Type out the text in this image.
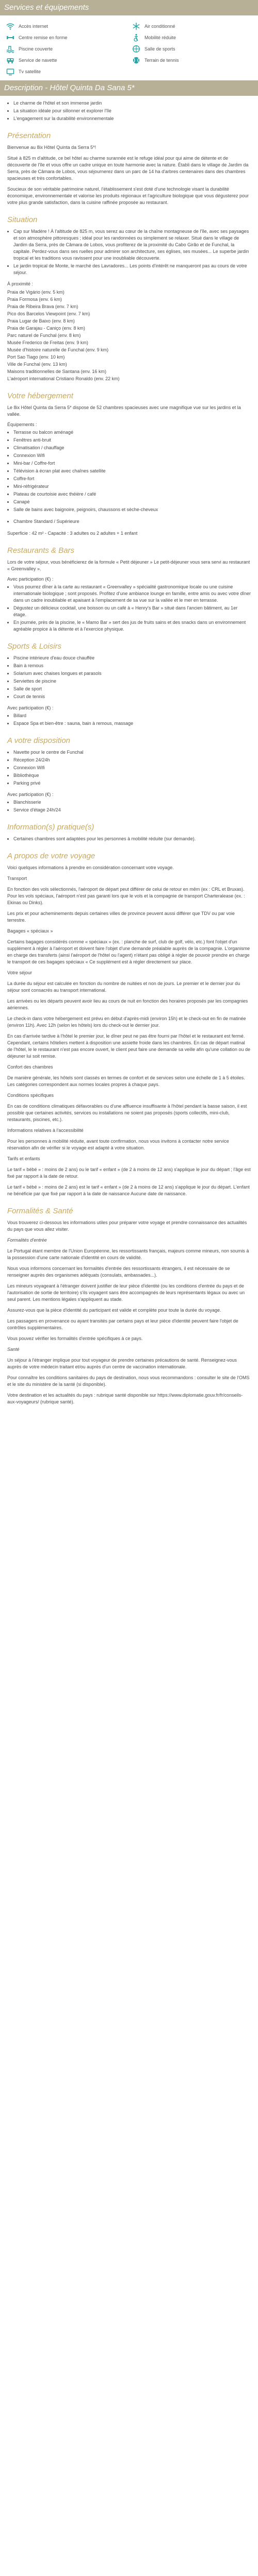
Services et équipements
Accès internet	Air conditionné
Centre remise en forme	Mobilité réduite
Piscine couverte	Salle de sports
Service de navette	Terrain de tennis
Tv satellite
Description - Hôtel Quinta Da Sana 5*
• Le charme de l'hôtel et son immense jardin
• La situation idéale pour sillonner et explorer l'île
• L'engagement sur la durabilité environnementale
Présentation

Bienvenue au 8ix Hôtel Quinta da Serra 5*!

Situé à 825 m d'altitude, ce bel hôtel au charme surannée est le refuge idéal pour qui aime de détente et de découverte de l'île et vous offre un cadre unique en toute harmonie avec la nature. Établi dans le village de Jardim da Serra, près de Câmara de Lobos, vous séjournerez dans un parc de 14 ha d'arbres centenaires dans des chambres spacieuses et très confortables.

Soucieux de son véritable patrimoine naturel, l'établissement s'est doté d'une technologie visant la durabilité économique, environnementale et valorise les produits régionaux et l'agriculture biologique que vous dégusterez pour votre plus grande satisfaction, dans la cuisine raffinée proposée au restaurant.

Situation
• Cap sur Madère ! À l'altitude de 825 m, vous serez au cœur de la chaîne montagneuse de l'île, avec ses paysages et son atmosphère pittoresques ; idéal pour les randonnées ou simplement se relaxer. Situé dans le village de Jardim da Serra, près de Câmara de Lobos, vous profiterez de la proximité du Cabo Girão et de Funchal, la capitale. Perdez-vous dans ses ruelles pour admirer son architecture, ses églises, ses musées... Le superbe jardin tropical et les traditions vous ravissent pour une inoubliable découverte.
• Le jardin tropical de Monte, le marché des Lavradores... Les points d'intérêt ne manqueront pas au cours de votre séjour.
À proximité :
Praia de Vigário (env. 5 km)
Praia Formosa (env. 6 km)
Praia de Ribeira Brava (env. 7 km)
Pico dos Barcelos Viewpoint (env. 7 km)
Praia Lugar de Baixo (env. 8 km)
Praia de Garajau - Caniço (env. 8 km)
Parc naturel de Funchal (env. 8 km)
Musée Frederico de Freitas (env. 9 km)
Musée d'histoire naturelle de Funchal (env. 9 km)
Port Sao Tiago (env. 10 km)
Ville de Funchal (env. 13 km)
Maisons traditionnelles de Santana (env. 16 km)
L'aéroport international Cristiano Ronaldo (env. 22 km)
Votre hébergement

Le 8ix Hôtel Quinta da Serra 5* dispose de 52 chambres spacieuses avec une magnifique vue sur les jardins et la vallée.

Équipements :
• Terrasse ou balcon aménagé
• Fenêtres anti-bruit
• Climatisation / chauffage
• Connexion Wifi
• Mini-bar / Coffre-fort
• Télévision à écran plat avec chaînes satellite
• Coffre-fort
• Mini-réfrigérateur
• Plateau de courtoisie avec théière / café
• Canapé
• Salle de bains avec baignoire, peignoirs, chaussons et sèche-cheveux
• Chambre Standard / Supérieure

Superficie : 42 m² - Capacité : 3 adultes ou 2 adultes + 1 enfant

Restaurants & Bars

Lors de votre séjour, vous bénéficierez de la formule « Petit déjeuner » Le petit-déjeuner vous sera servi au restaurant « Greenvalley ».

Avec participation (€) :
• Vous pourrez dîner à la carte au restaurant « Greenvalley » spécialité gastronomique locale ou une cuisine internationale biologique ; sont proposés. Profitez d'une ambiance lounge en famille, entre amis ou avec votre dîner dans un cadre inoubliable et apaisant à l'emplacement de sa vue sur la vallée et le mer en terrasse.
• Dégustez un délicieux cocktail, une boisson ou un café à « Henry's Bar » situé dans l'ancien bâtiment, au 1er étage.
• En journée, près de la piscine, le « Mamo Bar » sert des jus de fruits sains et des snacks dans un environnement agréable propice à la détente et à l'exercice physique.
Sports & Loisirs
• Piscine intérieure d'eau douce chauffée
• Bain à remous
• Solarium avec chaises longues et parasols
• Serviettes de piscine
• Salle de sport
• Court de tennis
Avec participation (€) :
• Billard
• Espace Spa et bien-être : sauna, bain à remous, massage
A votre disposition
• Navette pour le centre de Funchal
• Réception 24/24h
• Connexion Wifi
• Bibliothèque
• Parking privé
Avec participation (€) :
• Blanchisserie
• Service d'étage 24h/24
Information(s) pratique(s)
• Certaines chambres sont adaptées pour les personnes à mobilité réduite (sur demande).
A propos de votre voyage

Voici quelques informations à prendre en considération concernant votre voyage.

Transport

En fonction des vols sélectionnés, l'aéroport de départ peut différer de celui de retour en mêm (ex : CRL et Bruxas). Pour les vols spéciaux, l'aéroport n'est pas garanti lors que le vols et la compagnie de transport Charteralease (ex. : Ekinas ou Dinks).

Les prix et pour acheminements depuis certaines villes de province peuvent aussi différer que TDV ou par voie terrestre.

Bagages « spéciaux »

Certains bagages considérés comme « spéciaux » (ex. : planche de surf, club de golf, vélo, etc.) font l'objet d'un supplément à régler à l'aéroport et doivent faire l'objet d'une demande préalable auprès de la compagnie. L'organisme en charge des transferts (ainsi l'aéroport de l'hôtel ou l'agent) n'étant pas obligé à régler de pouvoir prendre en charge le transport de ces bagages spéciaux « Ce supplément est à régler directement sur place.

Votre séjour

La durée du séjour est calculée en fonction du nombre de nuitées et non de jours. Le premier et le dernier jour du séjour sont consacrés au transport international.

Les arrivées ou les départs peuvent avoir lieu au cours de nuit en fonction des horaires proposés par les compagnies aériennes.

Le check-in dans votre hébergement est prévu en début d'après-midi (environ 15h) et le check-out en fin de matinée (environ 11h). Avec 12h (selon les hôtels) lors du check-out le dernier jour.

En cas d'arrivée tardive à l'hôtel le premier jour, le dîner peut ne pas être fourni par l'hôtel et le restaurant est fermé. Cependant, certains hôteliers mettent à disposition une assiette froide dans les chambres. En cas de départ matinal de l'hôtel, le le restaurant n'est pas encore ouvert, le client peut faire une demande sa veille afin qu'une collation ou de déjeuner lui soit remise.

Confort des chambres

De manière générale, les hôtels sont classés en termes de confort et de services selon une échelle de 1 à 5 étoiles. Les catégories correspondent aux normes locales propres à chaque pays.

Conditions spécifiques

En cas de conditions climatiques défavorables ou d'une affluence insuffisante à l'hôtel pendant la basse saison, il est possible que certaines activités, services ou installations ne soient pas proposés (sports collectifs, mini-club, restaurants, piscines, etc.).

Informations relatives à l'accessibilité

Pour les personnes à mobilité réduite, avant toute confirmation, nous vous invitons à contacter notre service réservation afin de vérifier si le voyage est adapté à votre situation.

Tarifs et enfants

Le tarif « bébé » : moins de 2 ans) ou le tarif « enfant » (de 2 à moins de 12 ans) s'applique le jour du départ ; l'âge est fixé par rapport à la date de retour.

Le tarif « bébé » : moins de 2 ans) est le tarif « enfant » (de 2 à moins de 12 ans) s'applique le jour du départ. L'enfant ne bénéficie par que fixé par rapport à la date de naissance Aucune date de naissance.

Formalités & Santé

Vous trouverez ci-dessous les informations utiles pour préparer votre voyage et prendre connaissance des actualités du pays que vous allez visiter.

Formalités d'entrée

Le Portugal étant membre de l'Union Européenne, les ressortissants français, majeurs comme mineurs, non soumis à la possession d'une carte nationale d'identité en cours de validité.

Nous vous informons concernant les formalités d'entrée des ressortissants étrangers, il est nécessaire de se renseigner auprès des organismes adéquats (consulats, ambassades...).

Les mineurs voyageant à l'étranger doivent justifier de leur pièce d'identité (ou les conditions d'entrée du pays et de l'autorisation de sortie de territoire) s'ils voyagent sans être accompagnés de leurs représentants légaux ou avec un seul parent. Les mentions légales s'appliquent au stade.

Assurez-vous que la pièce d'identité du participant est valide et complète pour toute la durée du voyage.

Les passagers en provenance ou ayant transités par certains pays et leur pièce d'identité peuvent faire l'objet de contrôles supplémentaires.

Vous pouvez vérifier les formalités d'entrée spécifiques à ce pays.

Santé

Un séjour à l'étranger implique pour tout voyageur de prendre certaines précautions de santé. Renseignez-vous auprès de votre médecin traitant et/ou auprès d'un centre de vaccination internationale.

Pour connaître les conditions sanitaires du pays de destination, nous vous recommandons : consulter le site de l'OMS et le site du ministère de la santé (si disponible).

Votre destination et les actualités du pays : rubrique santé disponible sur https://www.diplomatie.gouv.fr/fr/conseils-aux-voyageurs/ (rubrique santé).
